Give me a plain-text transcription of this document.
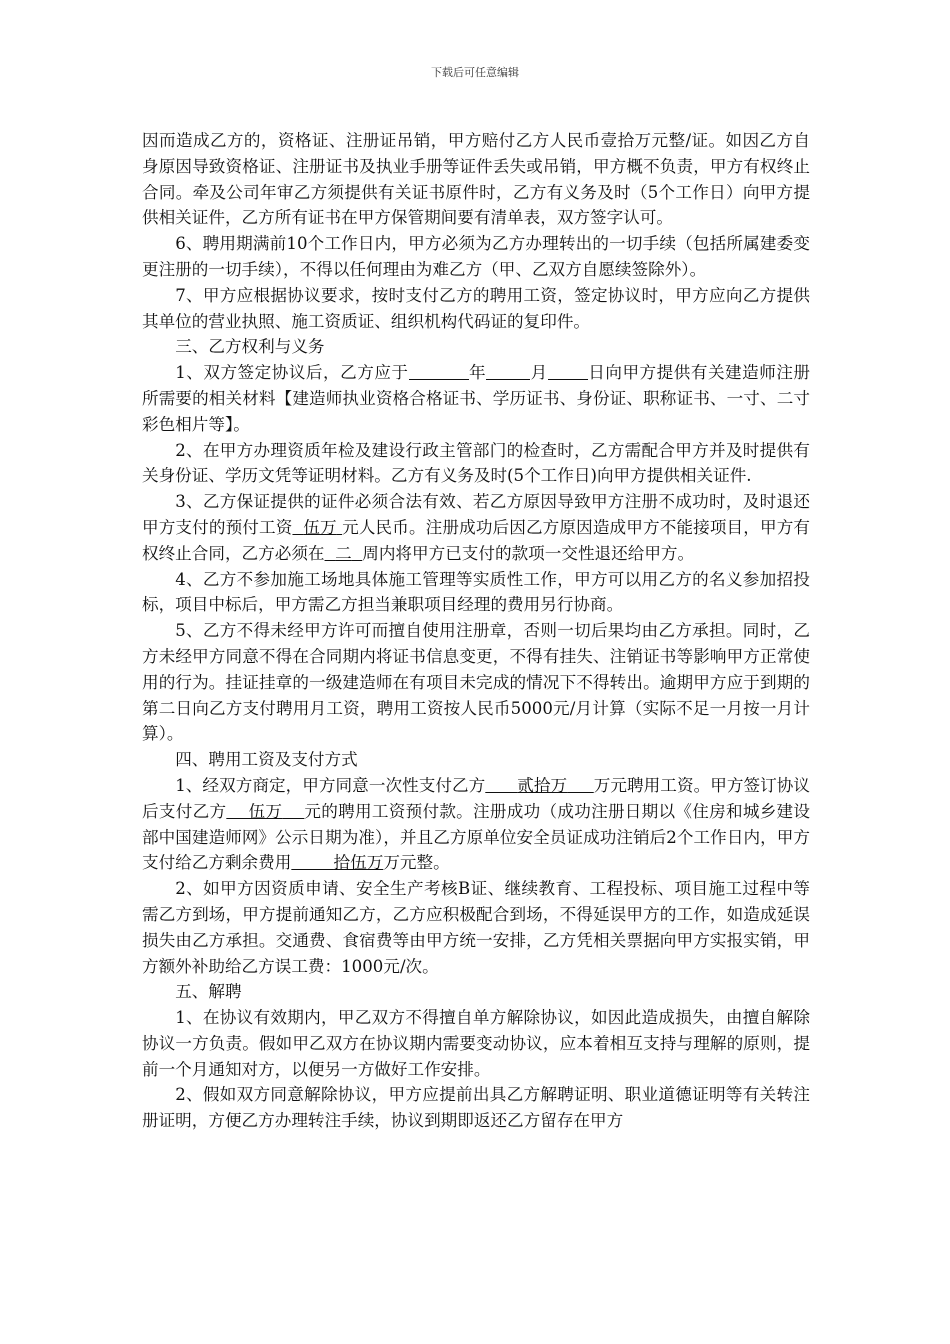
下载后可任意编辑

因而造成乙方的，资格证、注册证吊销，甲方赔付乙方人民币壹拾万元整/证。如因乙方自身原因导致资格证、注册证书及执业手册等证件丢失或吊销，甲方概不负责，甲方有权终止合同。牵及公司年审乙方须提供有关证书原件时，乙方有义务及时（5个工作日）向甲方提供相关证件，乙方所有证书在甲方保管期间要有清单表，双方签字认可。

6、聘用期满前10个工作日内，甲方必须为乙方办理转出的一切手续（包括所属建委变更注册的一切手续），不得以任何理由为难乙方（甲、乙双方自愿续签除外）。

7、甲方应根据协议要求，按时支付乙方的聘用工资，签定协议时，甲方应向乙方提供其单位的营业执照、施工资质证、组织机构代码证的复印件。

三、乙方权利与义务

1、双方签定协议后，乙方应于	年	月 日向甲方提供有关建造师注册所需要的相关材料【建造师执业资格合格证书、学历证书、身份证、职称证书、一寸、二寸彩色相片等】。

2、在甲方办理资质年检及建设行政主管部门的检查时，乙方需配合甲方并及时提供有关身份证、学历文凭等证明材料。乙方有义务及时(5个工作日)向甲方提供相关证件.

3、乙方保证提供的证件必须合法有效、若乙方原因导致甲方注册不成功时，及时退还甲方支付的预付工资 伍万 元人民币。注册成功后因乙方原因造成甲方不能接项目，甲方有权终止合同，乙方必须在 二 周内将甲方已支付的款项一交性退还给甲方。

4、乙方不参加施工场地具体施工管理等实质性工作，甲方可以用乙方的名义参加招投标，项目中标后，甲方需乙方担当兼职项目经理的费用另行协商。

5、乙方不得未经甲方许可而擅自使用注册章，否则一切后果均由乙方承担。同时，乙方未经甲方同意不得在合同期内将证书信息变更，不得有挂失、注销证书等影响甲方正常使用的行为。挂证挂章的一级建造师在有项目未完成的情况下不得转出。逾期甲方应于到期的第二日向乙方支付聘用月工资，聘用工资按人民币5000元/月计算（实际不足一月按一月计算）。

四、聘用工资及支付方式

1、经双方商定，甲方同意一次性支付乙方 贰拾万 万元聘用工资。甲方签订协议后支付乙方 伍万 元的聘用工资预付款。注册成功（成功注册日期以《住房和城乡建设部中国建造师网》公示日期为准），并且乙方原单位安全员证成功注销后2个工作日内，甲方支付给乙方剩余费用	拾伍万万元整。

2、如甲方因资质申请、安全生产考核B证、继续教育、工程投标、项目施工过程中等需乙方到场，甲方提前通知乙方，乙方应积极配合到场，不得延误甲方的工作，如造成延误损失由乙方承担。交通费、食宿费等由甲方统一安排，乙方凭相关票据向甲方实报实销，甲方额外补助给乙方误工费：1000元/次。

五、解聘

1、在协议有效期内，甲乙双方不得擅自单方解除协议，如因此造成损失，由擅自解除协议一方负责。假如甲乙双方在协议期内需要变动协议，应本着相互支持与理解的原则，提前一个月通知对方，以便另一方做好工作安排。

2、假如双方同意解除协议，甲方应提前出具乙方解聘证明、职业道德证明等有关转注册证明，方便乙方办理转注手续，协议到期即返还乙方留存在甲方
